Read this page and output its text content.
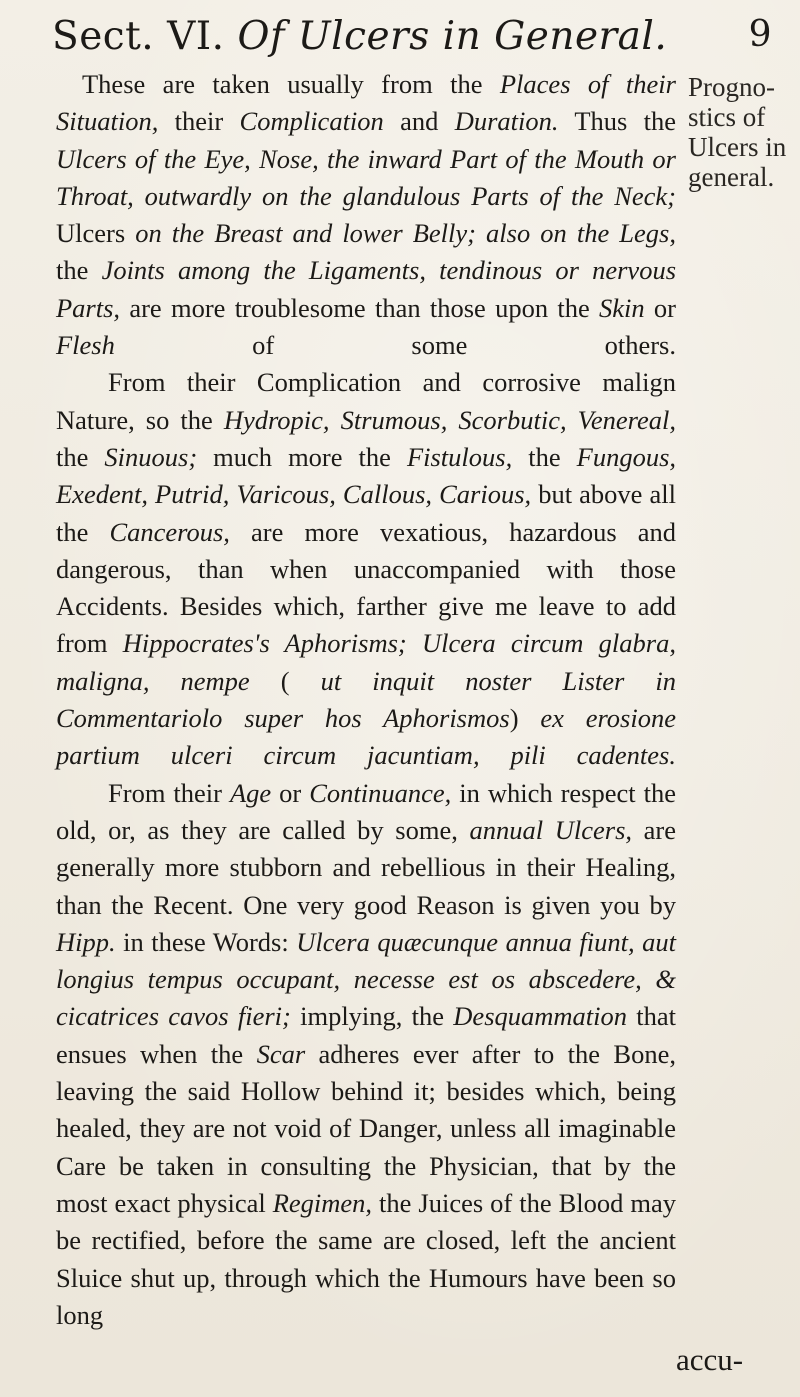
Sect. VI. Of Ulcers in General. 9
Progno-
stics of
Ulcers in
general.

These are taken usually from the Places of their Situation, their Complication and Duration. Thus the Ulcers of the Eye, Nose, the inward Part of the Mouth or Throat, outwardly on the glandulous Parts of the Neck; Ulcers on the Breast and lower Belly; also on the Legs, the Joints among the Ligaments, tendinous or nervous Parts, are more troublesome than those upon the Skin or Flesh of some others.

From their Complication and corrosive malign Nature, so the Hydropic, Strumous, Scorbutic, Venereal, the Sinuous; much more the Fistulous, the Fungous, Exedent, Putrid, Varicous, Callous, Carious, but above all the Cancerous, are more vexatious, hazardous and dangerous, than when unaccompanied with those Accidents. Besides which, farther give me leave to add from Hippocrates's Aphorisms; Ulcera circum glabra, maligna, nempe ( ut inquit noster Lister in Commentariolo super hos Aphorismos) ex erosione partium ulceri circum jacuntiam, pili cadentes.

From their Age or Continuance, in which respect the old, or, as they are called by some, annual Ulcers, are generally more stubborn and rebellious in their Healing, than the Recent. One very good Reason is given you by Hipp. in these Words: Ulcera quæcunque annua fiunt, aut longius tempus occupant, necesse est os abscedere, & cicatrices cavos fieri; implying, the Desquammation that ensues when the Scar adheres ever after to the Bone, leaving the said Hollow behind it; besides which, being healed, they are not void of Danger, unless all imaginable Care be taken in consulting the Physician, that by the most exact physical Regimen, the Juices of the Blood may be rectified, before the same are closed, left the ancient Sluice shut up, through which the Humours have been so long

accu-
